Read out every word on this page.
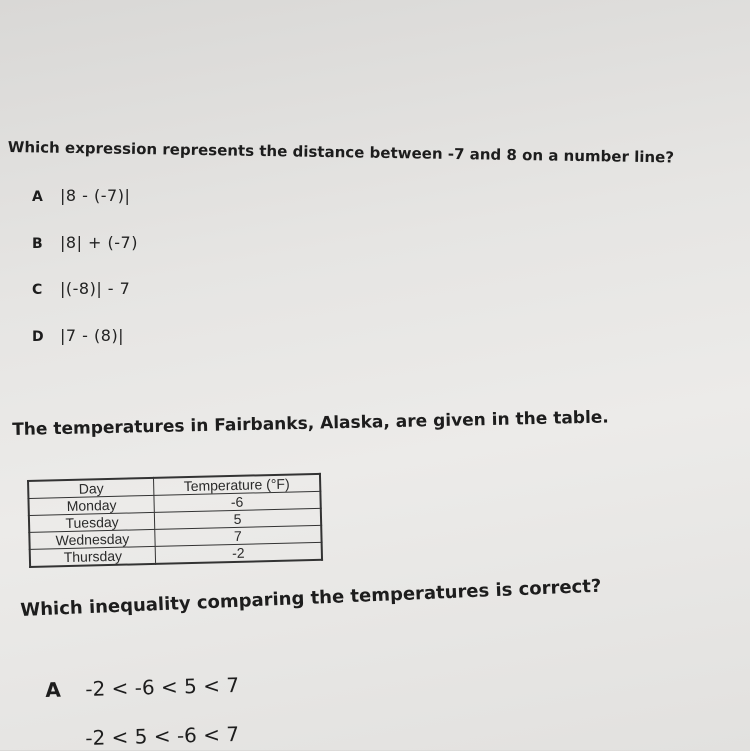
Which expression represents the distance between -7 and 8 on a number line?
A |8 - (-7)|
B |8| + (-7)
C |(-8)| - 7
D |7 - (8)|
The temperatures in Fairbanks, Alaska, are given in the table.
Day	Temperature (°F)
Monday	-6
Tuesday	5
Wednesday	7
Thursday	-2
Which inequality comparing the temperatures is correct?
A -2 < -6 < 5 < 7
-2 < 5 < -6 < 7
